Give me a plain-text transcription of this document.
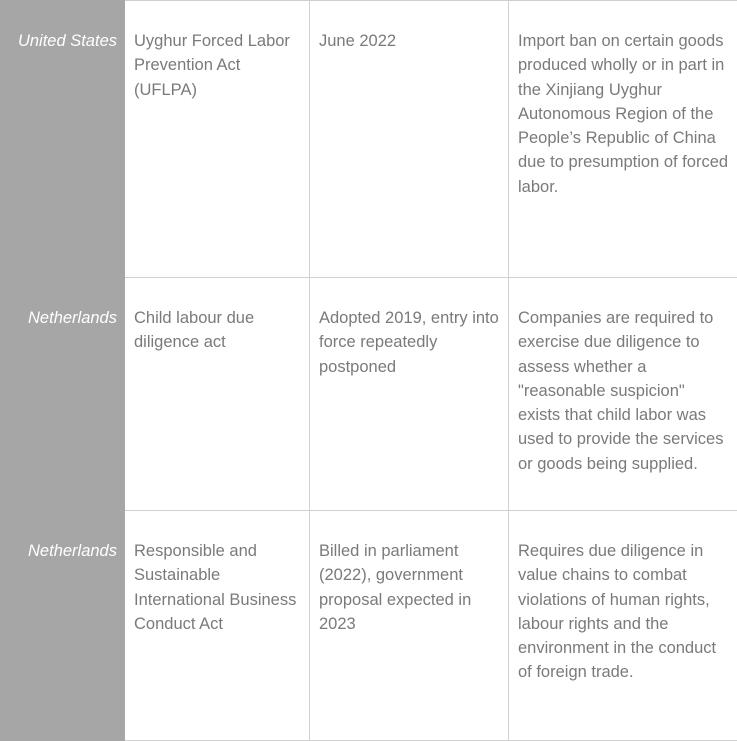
United States	Uyghur Forced Labor Prevention Act (UFLPA)	June 2022	Import ban on certain goods produced wholly or in part in the Xinjiang Uyghur Autonomous Region of the People’s Republic of China due to presumption of forced labor.
Netherlands	Child labour due diligence act	Adopted 2019, entry into force repeatedly postponed	Companies are required to exercise due diligence to assess whether a "reasonable suspicion" exists that child labor was used to provide the services or goods being supplied.
Netherlands	Responsible and Sustainable International Business Conduct Act	Billed in parliament (2022), government proposal expected in 2023	Requires due diligence in value chains to combat violations of human rights, labour rights and the environment in the conduct of foreign trade.
